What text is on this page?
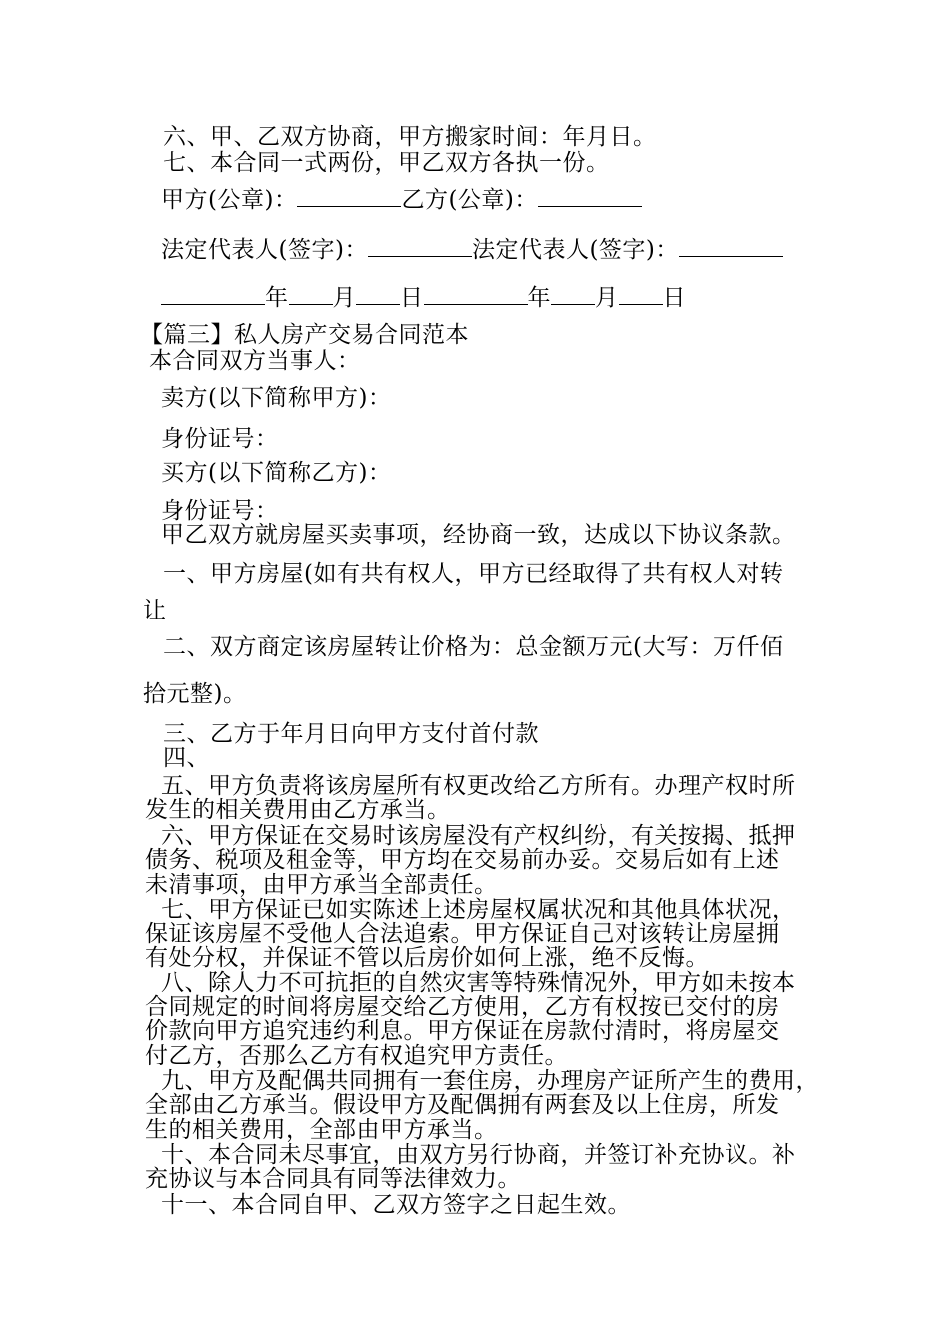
六、甲、乙双方协商，甲方搬家时间：年月日。
七、本合同一式两份，甲乙双方各执一份。
甲方(公章)：	乙方(公章)：
法定代表人(签字)：	法定代表人(签字)：
年 月 日	年 月 日
【篇三】私人房产交易合同范本
本合同双方当事人：
卖方(以下简称甲方)：
身份证号：
买方(以下简称乙方)：
身份证号：
甲乙双方就房屋买卖事项，经协商一致，达成以下协议条款。
一、甲方房屋(如有共有权人，甲方已经取得了共有权人对转
让
二、双方商定该房屋转让价格为：总金额万元(大写：万仟佰
拾元整)。
三、乙方于年月日向甲方支付首付款
四、
五、甲方负责将该房屋所有权更改给乙方所有。办理产权时所
发生的相关费用由乙方承当。
六、甲方保证在交易时该房屋没有产权纠纷，有关按揭、抵押
债务、税项及租金等，甲方均在交易前办妥。交易后如有上述
未清事项，由甲方承当全部责任。
七、甲方保证已如实陈述上述房屋权属状况和其他具体状况，
保证该房屋不受他人合法追索。甲方保证自己对该转让房屋拥
有处分权，并保证不管以后房价如何上涨，绝不反悔。
八、除人力不可抗拒的自然灾害等特殊情况外，甲方如未按本
合同规定的时间将房屋交给乙方使用，乙方有权按已交付的房
价款向甲方追究违约利息。甲方保证在房款付清时，将房屋交
付乙方，否那么乙方有权追究甲方责任。
九、甲方及配偶共同拥有一套住房，办理房产证所产生的费用，
全部由乙方承当。假设甲方及配偶拥有两套及以上住房，所发
生的相关费用，全部由甲方承当。
十、本合同未尽事宜，由双方另行协商，并签订补充协议。补
充协议与本合同具有同等法律效力。
十一、本合同自甲、乙双方签字之日起生效。
